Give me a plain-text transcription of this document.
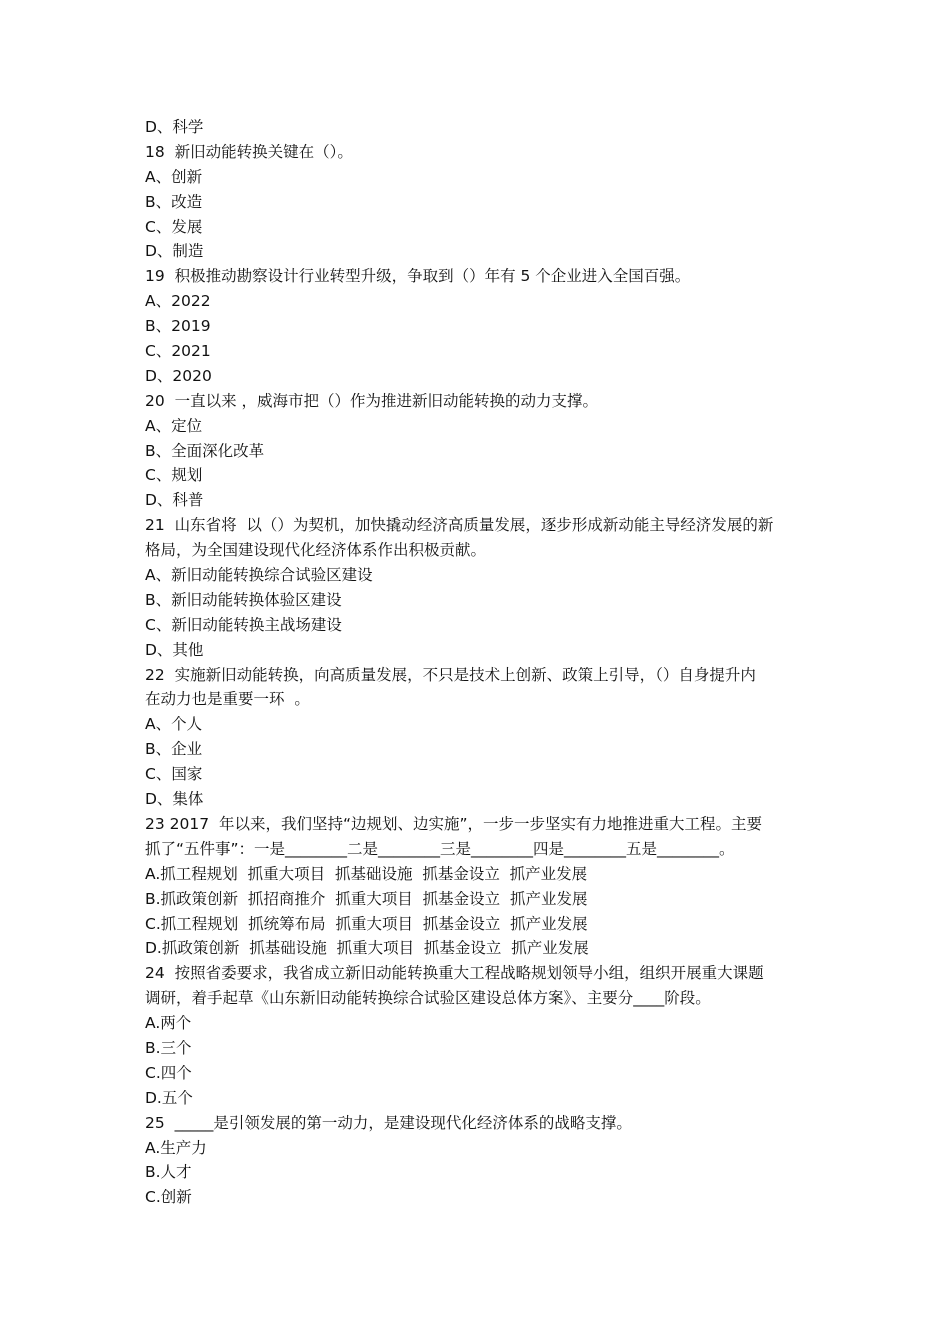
D、科学
18  新旧动能转换关键在（）。
A、创新
B、改造
C、发展
D、制造
19  积极推动勘察设计行业转型升级，争取到（）年有 5 个企业进入全国百强。
A、2022
B、2019
C、2021
D、2020
20  一直以来 ，威海市把（）作为推进新旧动能转换的动力支撑。
A、定位
B、全面深化改革
C、规划
D、科普
21  山东省将  以（）为契机，加快撬动经济高质量发展，逐步形成新动能主导经济发展的新
格局，为全国建设现代化经济体系作出积极贡献。
A、新旧动能转换综合试验区建设
B、新旧动能转换体验区建设
C、新旧动能转换主战场建设
D、其他
22  实施新旧动能转换，向高质量发展，不只是技术上创新、政策上引导，（）自身提升内
在动力也是重要一环  。
A、个人
B、企业
C、国家
D、集体
23 2017  年以来，我们坚持“边规划、边实施”，一步一步坚实有力地推进重大工程。主要
抓了“五件事”：一是________二是________三是________四是________五是________。
A.抓工程规划  抓重大项目  抓基础设施  抓基金设立  抓产业发展
B.抓政策创新  抓招商推介  抓重大项目  抓基金设立  抓产业发展
C.抓工程规划  抓统筹布局  抓重大项目  抓基金设立  抓产业发展
D.抓政策创新  抓基础设施  抓重大项目  抓基金设立  抓产业发展
24  按照省委要求，我省成立新旧动能转换重大工程战略规划领导小组，组织开展重大课题
调研，着手起草《山东新旧动能转换综合试验区建设总体方案》、主要分____阶段。
A.两个
B.三个
C.四个
D.五个
25  _____是引领发展的第一动力，是建设现代化经济体系的战略支撑。
A.生产力
B.人才
C.创新
